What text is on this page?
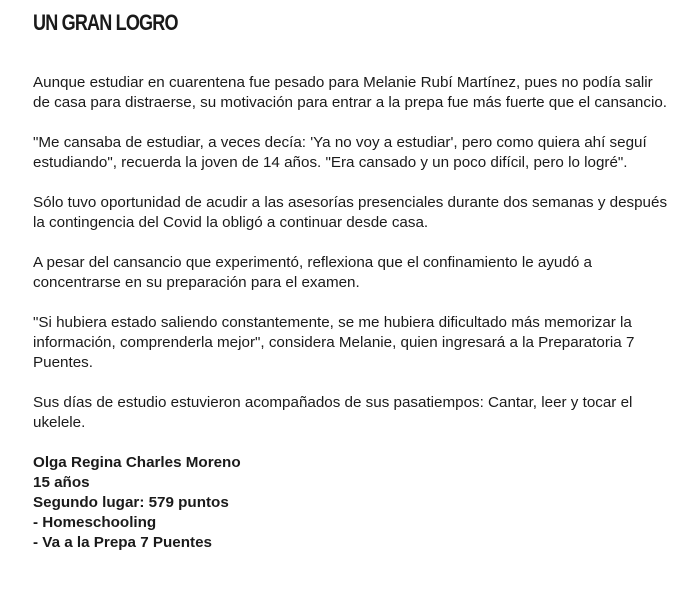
UN GRAN LOGRO

Aunque estudiar en cuarentena fue pesado para Melanie Rubí Martínez, pues no podía salir de casa para distraerse, su motivación para entrar a la prepa fue más fuerte que el cansancio.

"Me cansaba de estudiar, a veces decía: 'Ya no voy a estudiar', pero como quiera ahí seguí estudiando", recuerda la joven de 14 años. "Era cansado y un poco difícil, pero lo logré".

Sólo tuvo oportunidad de acudir a las asesorías presenciales durante dos semanas y después la contingencia del Covid la obligó a continuar desde casa.

A pesar del cansancio que experimentó, reflexiona que el confinamiento le ayudó a concentrarse en su preparación para el examen.

"Si hubiera estado saliendo constantemente, se me hubiera dificultado más memorizar la información, comprenderla mejor", considera Melanie, quien ingresará a la Preparatoria 7 Puentes.

Sus días de estudio estuvieron acompañados de sus pasatiempos: Cantar, leer y tocar el ukelele.

Olga Regina Charles Moreno
15 años
Segundo lugar: 579 puntos
- Homeschooling
- Va a la Prepa 7 Puentes
